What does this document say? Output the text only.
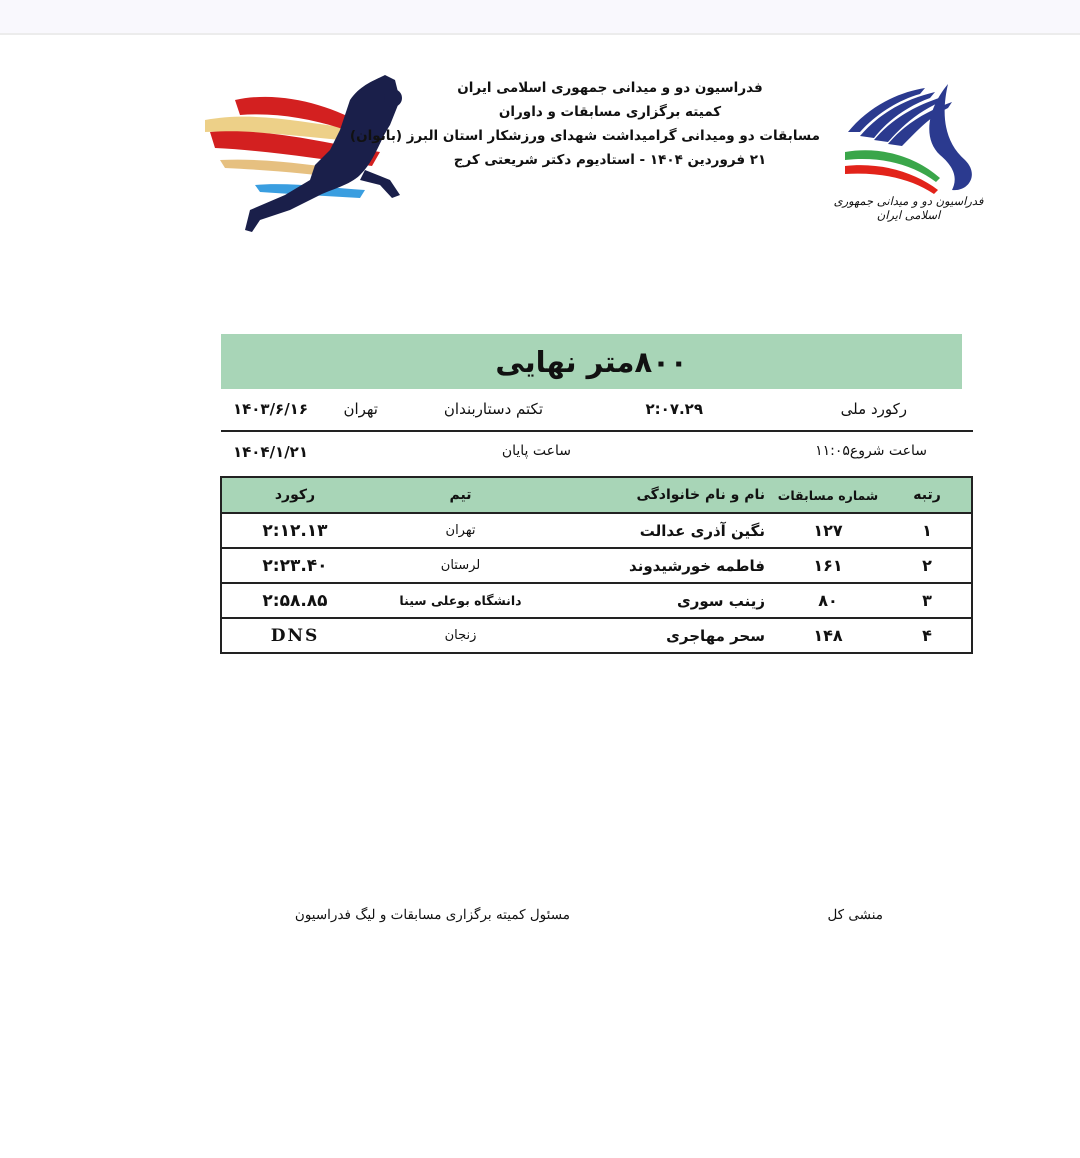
فدراسیون دو و میدانی جمهوری اسلامی ایران
کمیته برگزاری مسابقات و داوران
مسابقات دو ومیدانی گرامیداشت شهدای ورزشکار استان البرز (بانوان)
۲۱ فروردین ۱۴۰۴ - استادیوم دکتر شریعتی کرج
فدراسیون دو و میدانی جمهوری اسلامی ایران
۸۰۰متر نهایی
رکورد ملی
۲:۰۷.۲۹
تکتم دستاربندان
تهران
۱۴۰۳/۶/۱۶
ساعت شروع۱۱:۰۵
ساعت پایان
۱۴۰۴/۱/۲۱
رتبه
شماره مسابقات
نام و نام خانوادگی
تیم
رکورد
۱
۱۲۷
نگین آذری عدالت
تهران
۲:۱۲.۱۳
۲
۱۶۱
فاطمه خورشیدوند
لرستان
۲:۲۳.۴۰
۳
۸۰
زینب سوری
دانشگاه بوعلی سینا
۲:۵۸.۸۵
۴
۱۴۸
سحر مهاجری
زنجان
DNS
منشی کل
مسئول کمیته برگزاری مسابقات و لیگ فدراسیون
